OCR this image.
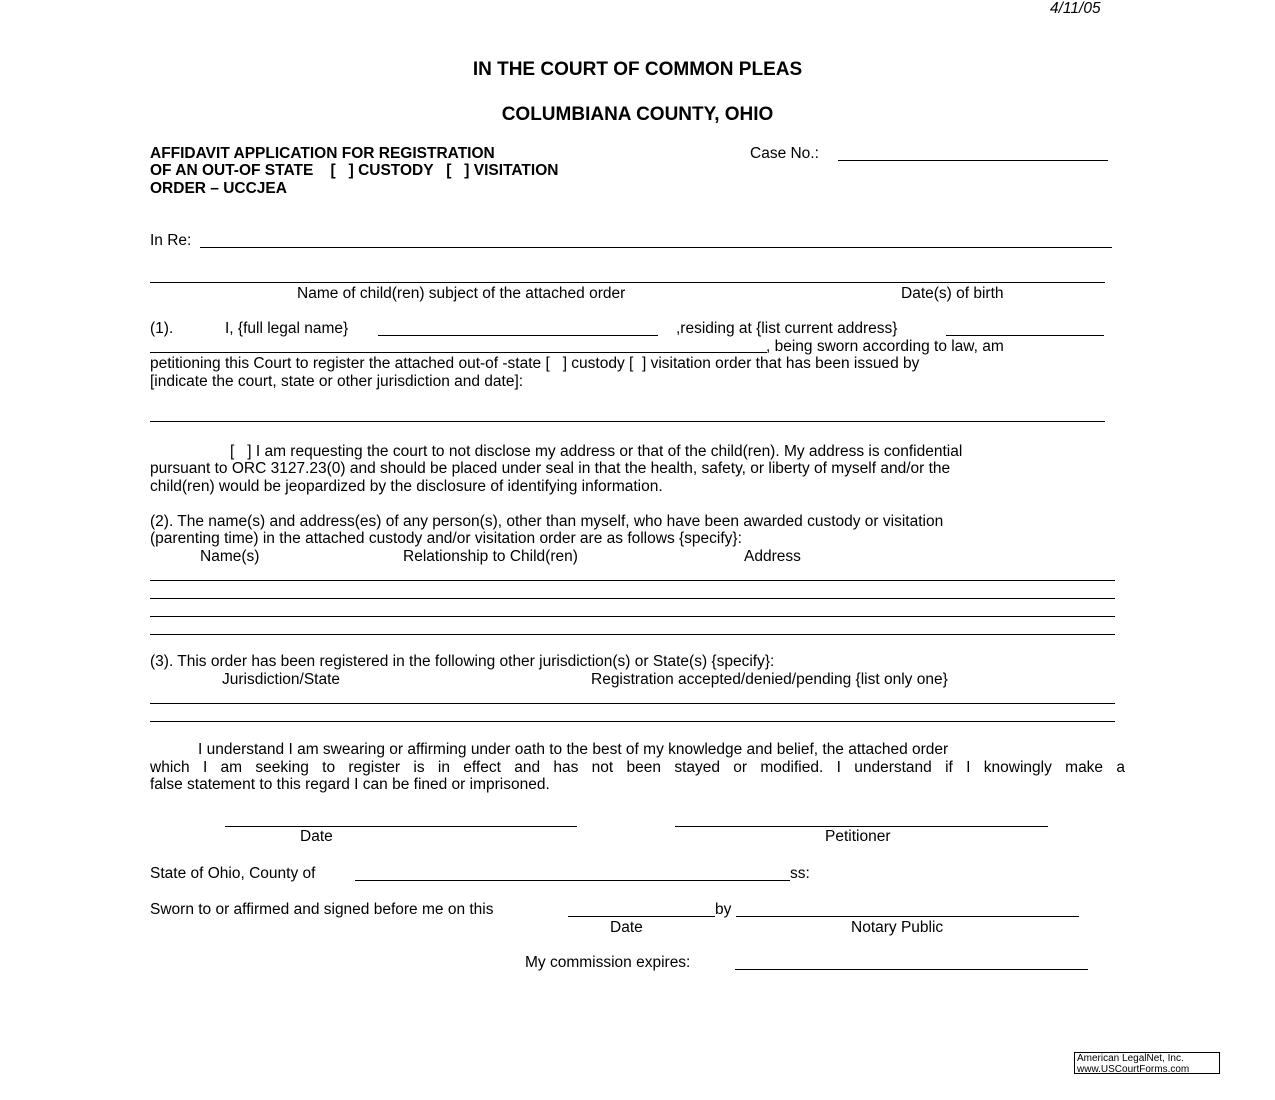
4/11/05
IN THE COURT OF COMMON PLEAS
COLUMBIANA COUNTY, OHIO
AFFIDAVIT APPLICATION FOR REGISTRATION
OF AN OUT-OF STATE    [   ] CUSTODY   [   ] VISITATION
ORDER – UCCJEA
Case No.:
In Re:
Name of child(ren) subject of the attached order	Date(s) of birth
(1).	I, {full legal name}	,residing at {list current address}
, being sworn according to law, am
petitioning this Court to register the attached out-of -state [   ] custody [  ] visitation order that has been issued by
[indicate the court, state or other jurisdiction and date]:
[   ] I am requesting the court to not disclose my address or that of the child(ren). My address is confidential
pursuant to ORC 3127.23(0) and should be placed under seal in that the health, safety, or liberty of myself and/or the
child(ren) would be jeopardized by the disclosure of identifying information.
(2). The name(s) and address(es) of any person(s), other than myself, who have been awarded custody or visitation
(parenting time) in the attached custody and/or visitation order are as follows {specify}:
Name(s)	Relationship to Child(ren)	Address
(3). This order has been registered in the following other jurisdiction(s) or State(s) {specify}:
Jurisdiction/State	Registration accepted/denied/pending {list only one}
I understand I am swearing or affirming under oath to the best of my knowledge and belief, the attached order
which I am seeking to register is in effect and has not been stayed or modified. I understand if I knowingly make a
false statement to this regard I can be fined or imprisoned.
Date	Petitioner
State of Ohio, County of	ss:
Sworn to or affirmed and signed before me on this	by
Date	Notary Public
My commission expires:
American LegalNet, Inc.
www.USCourtForms.com
